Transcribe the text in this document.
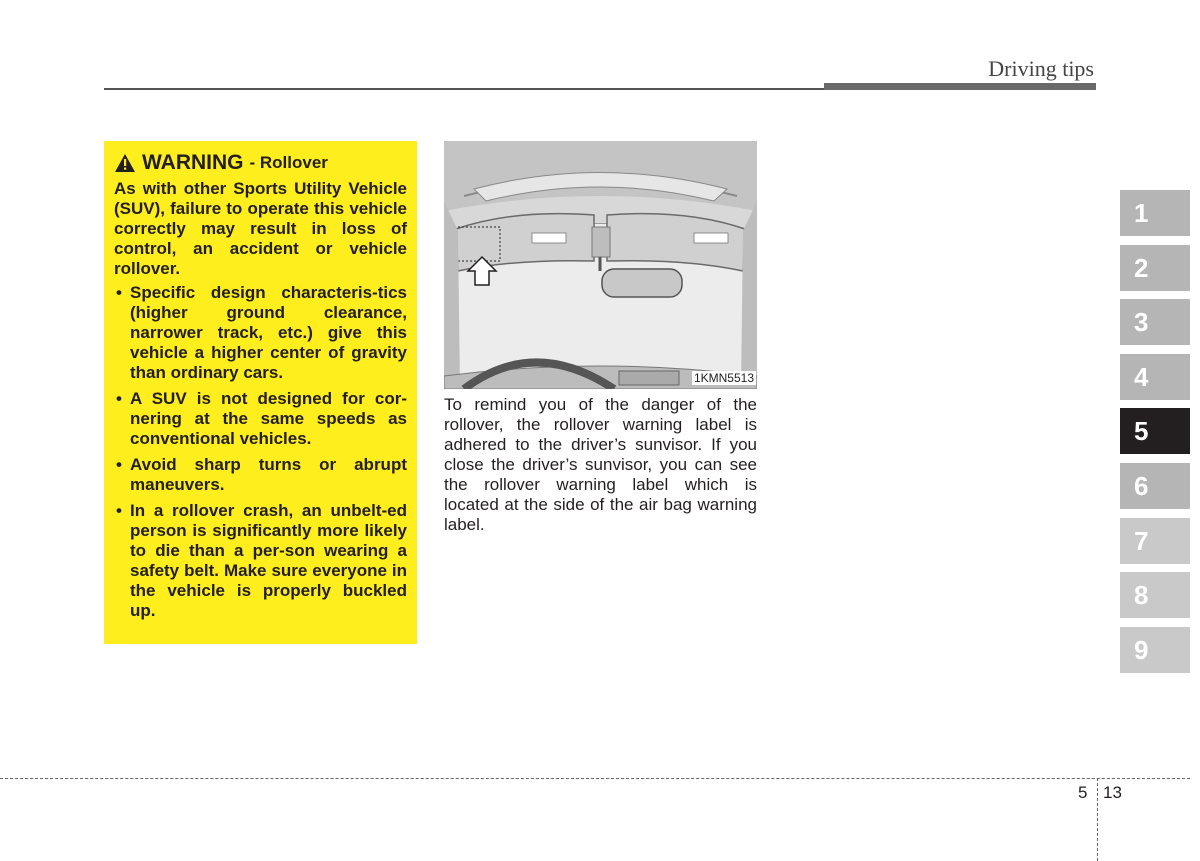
Driving tips
WARNING - Rollover

As with other Sports Utility Vehicle (SUV), failure to operate this vehicle correctly may result in loss of control, an accident or vehicle rollover.

• Specific design characteris-tics (higher ground clearance, narrower track, etc.) give this vehicle a higher center of gravity than ordinary cars.
• A SUV is not designed for cor-nering at the same speeds as conventional vehicles.
• Avoid sharp turns or abrupt maneuvers.
• In a rollover crash, an unbelt-ed person is significantly more likely to die than a per-son wearing a safety belt. Make sure everyone in the vehicle is properly buckled up.
1KMN5513

To remind you of the danger of the rollover, the rollover warning label is adhered to the driver’s sunvisor. If you close the driver’s sunvisor, you can see the rollover warning label which is located at the side of the air bag warning label.

1
2
3
4
5
6
7
8
9
5 13
